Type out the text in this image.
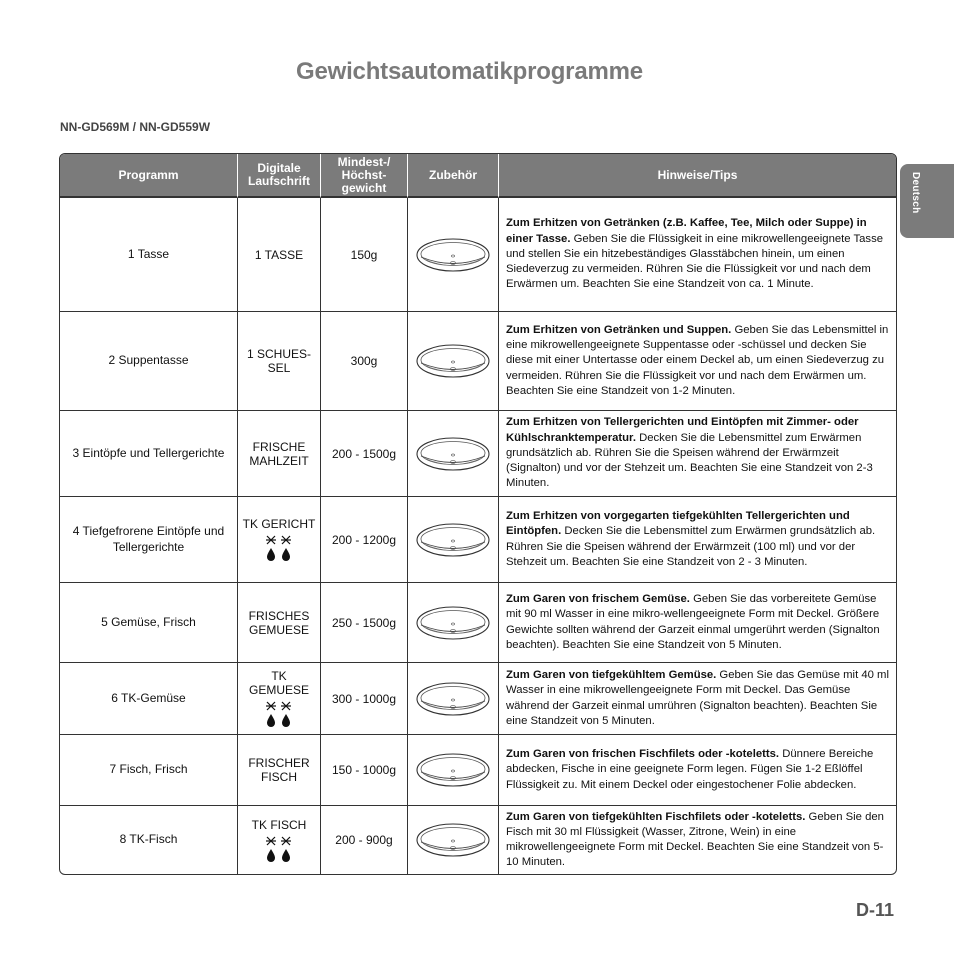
Gewichtsautomatikprogramme
NN-GD569M / NN-GD559W
Deutsch
Programm	Digitale Laufschrift	Mindest-/ Höchst- gewicht	Zubehör	Hinweise/Tips
1 Tasse	1 TASSE	150g		Zum Erhitzen von Getränken (z.B. Kaffee, Tee, Milch oder Suppe) in einer Tasse. Geben Sie die Flüssigkeit in eine mikrowellengeeignete Tasse und stellen Sie ein hitzebeständiges Glasstäbchen hinein, um einen Siedeverzug zu vermeiden. Rühren Sie die Flüssigkeit vor und nach dem Erwärmen um. Beachten Sie eine Standzeit von ca. 1 Minute.
2 Suppentasse	1 SCHUES- SEL	300g		Zum Erhitzen von Getränken und Suppen. Geben Sie das Lebensmittel in eine mikrowellengeeignete Suppentasse oder -schüssel und decken Sie diese mit einer Untertasse oder einem Deckel ab, um einen Siedeverzug zu vermeiden. Rühren Sie die Flüssigkeit vor und nach dem Erwärmen um. Beachten Sie eine Standzeit von 1-2 Minuten.
3 Eintöpfe und Tellergerichte	FRISCHE MAHLZEIT	200 - 1500g		Zum Erhitzen von Tellergerichten und Eintöpfen mit Zimmer- oder Kühlschranktemperatur. Decken Sie die Lebensmittel zum Erwärmen grundsätzlich ab. Rühren Sie die Speisen während der Erwärmzeit (Signalton) und vor der Stehzeit um. Beachten Sie eine Standzeit von 2-3 Minuten.
4 Tiefgefrorene Eintöpfe und Tellergerichte	TK GERICHT	200 - 1200g		Zum Erhitzen von vorgegarten tiefgekühlten Tellergerichten und Eintöpfen. Decken Sie die Lebensmittel zum Erwärmen grundsätzlich ab. Rühren Sie die Speisen während der Erwärmzeit (100 ml) und vor der Stehzeit um. Beachten Sie eine Standzeit von 2 - 3 Minuten.
5 Gemüse, Frisch	FRISCHES GEMUESE	250 - 1500g		Zum Garen von frischem Gemüse. Geben Sie das vorbereitete Gemüse mit 90 ml Wasser in eine mikro-wellengeeignete Form mit Deckel. Größere Gewichte sollten während der Garzeit einmal umgerührt werden (Signalton beachten). Beachten Sie eine Standzeit von 5 Minuten.
6 TK-Gemüse	TK GEMUESE	300 - 1000g		Zum Garen von tiefgekühltem Gemüse. Geben Sie das Gemüse mit 40 ml Wasser in eine mikrowellengeeignete Form mit Deckel. Das Gemüse während der Garzeit einmal umrühren (Signalton beachten). Beachten Sie eine Standzeit von 5 Minuten.
7 Fisch, Frisch	FRISCHER FISCH	150 - 1000g		Zum Garen von frischen Fischfilets oder -koteletts. Dünnere Bereiche abdecken, Fische in eine geeignete Form legen. Fügen Sie 1-2 Eßlöffel Flüssigkeit zu. Mit einem Deckel oder eingestochener Folie abdecken.
8 TK-Fisch	TK FISCH	200 - 900g		Zum Garen von tiefgekühlten Fischfilets oder -koteletts. Geben Sie den Fisch mit 30 ml Flüssigkeit (Wasser, Zitrone, Wein) in eine mikrowellengeeignete Form mit Deckel. Beachten Sie eine Standzeit von 5-10 Minuten.
D-11
